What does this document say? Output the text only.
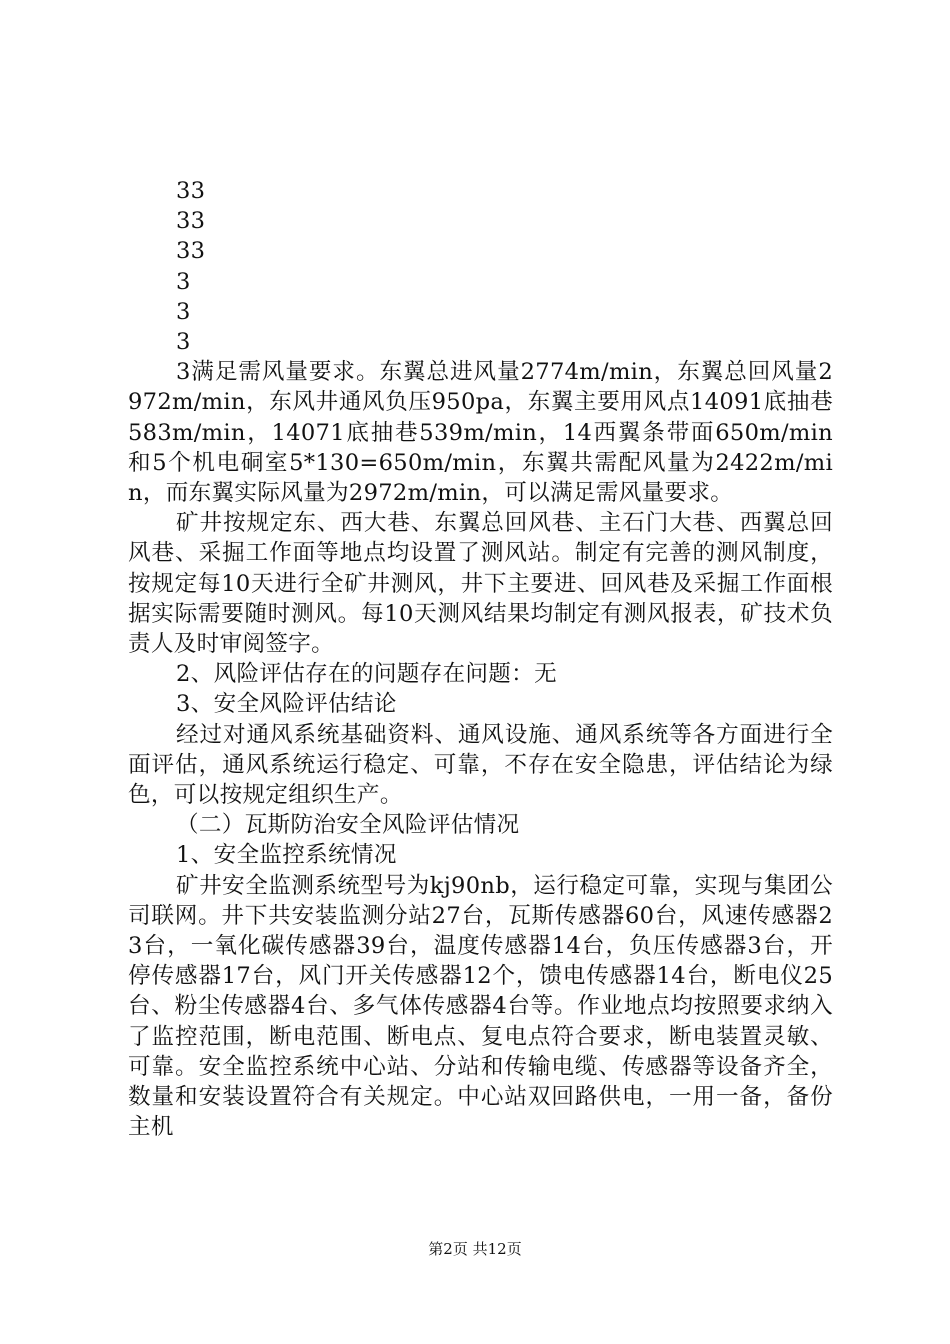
33

33

33

3

3

3

3满足需风量要求。东翼总进风量2774m/min，东翼总回风量2972m/min，东风井通风负压950pa，东翼主要用风点14091底抽巷583m/min，14071底抽巷539m/min，14西翼条带面650m/min和5个机电硐室5*130=650m/min，东翼共需配风量为2422m/min，而东翼实际风量为2972m/min，可以满足需风量要求。

矿井按规定东、西大巷、东翼总回风巷、主石门大巷、西翼总回风巷、采掘工作面等地点均设置了测风站。制定有完善的测风制度，按规定每10天进行全矿井测风，井下主要进、回风巷及采掘工作面根据实际需要随时测风。每10天测风结果均制定有测风报表，矿技术负责人及时审阅签字。

2、风险评估存在的问题存在问题：无

3、安全风险评估结论

经过对通风系统基础资料、通风设施、通风系统等各方面进行全面评估，通风系统运行稳定、可靠，不存在安全隐患，评估结论为绿色，可以按规定组织生产。

（二）瓦斯防治安全风险评估情况

1、安全监控系统情况

矿井安全监测系统型号为kj90nb，运行稳定可靠，实现与集团公司联网。井下共安装监测分站27台，瓦斯传感器60台，风速传感器23台，一氧化碳传感器39台，温度传感器14台，负压传感器3台，开停传感器17台，风门开关传感器12个，馈电传感器14台，断电仪25台、粉尘传感器4台、多气体传感器4台等。作业地点均按照要求纳入了监控范围，断电范围、断电点、复电点符合要求，断电装置灵敏、可靠。安全监控系统中心站、分站和传输电缆、传感器等设备齐全，数量和安装设置符合有关规定。中心站双回路供电，一用一备，备份主机

第2页 共12页
